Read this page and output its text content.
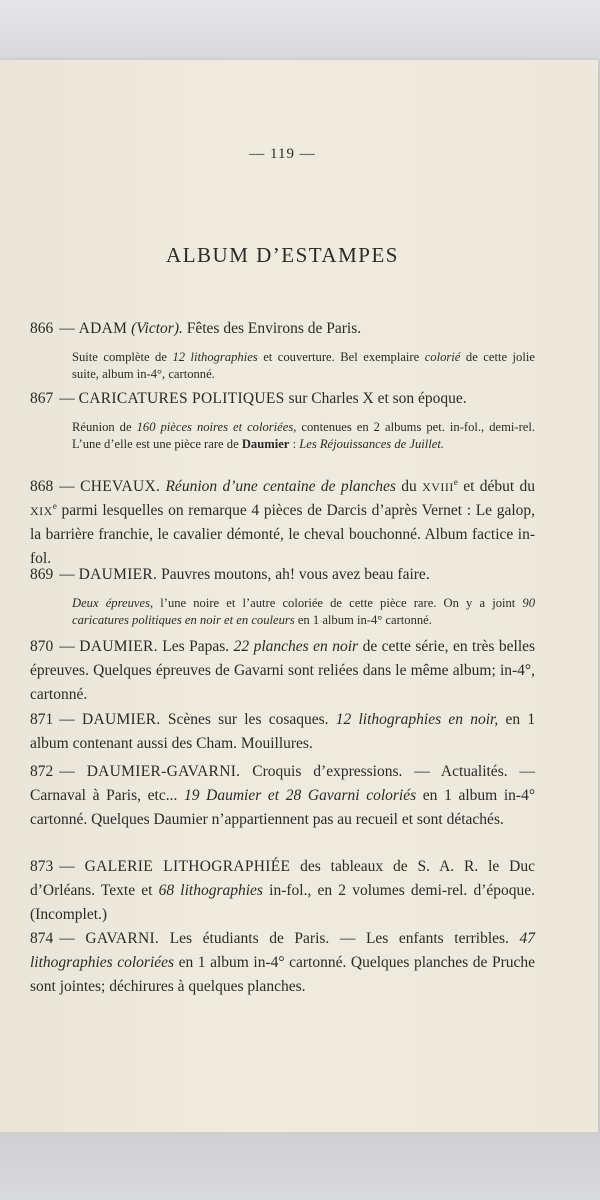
— 119 —
ALBUM D’ESTAMPES
866 — ADAM (Victor). Fêtes des Environs de Paris.
Suite complète de 12 lithographies et couverture. Bel exemplaire colorié de cette jolie suite, album in-4°, cartonné.
867 — CARICATURES POLITIQUES sur Charles X et son époque.
Réunion de 160 pièces noires et coloriées, contenues en 2 albums pet. in-fol., demi-rel. L’une d’elle est une pièce rare de Daumier : Les Réjouissances de Juillet.
868 — CHEVAUX. Réunion d’une centaine de planches du XVIIIe et début du XIXe parmi lesquelles on remarque 4 pièces de Darcis d’après Vernet : Le galop, la barrière franchie, le cavalier démonté, le cheval bouchonné. Album factice in-fol.
869 — DAUMIER. Pauvres moutons, ah! vous avez beau faire.
Deux épreuves, l’une noire et l’autre coloriée de cette pièce rare. On y a joint 90 caricatures politiques en noir et en couleurs en 1 album in-4° cartonné.
870 — DAUMIER. Les Papas. 22 planches en noir de cette série, en très belles épreuves. Quelques épreuves de Gavarni sont reliées dans le même album; in-4°, cartonné.
871 — DAUMIER. Scènes sur les cosaques. 12 lithographies en noir, en 1 album contenant aussi des Cham. Mouillures.
872 — DAUMIER-GAVARNI. Croquis d’expressions. — Actualités. — Carnaval à Paris, etc... 19 Daumier et 28 Gavarni coloriés en 1 album in-4° cartonné. Quelques Daumier n’appartiennent pas au recueil et sont détachés.
873 — GALERIE LITHOGRAPHIÉE des tableaux de S. A. R. le Duc d’Orléans. Texte et 68 lithographies in-fol., en 2 volumes demi-rel. d’époque. (Incomplet.)
874 — GAVARNI. Les étudiants de Paris. — Les enfants terribles. 47 lithographies coloriées en 1 album in-4° cartonné. Quelques planches de Pruche sont jointes; déchirures à quelques planches.
